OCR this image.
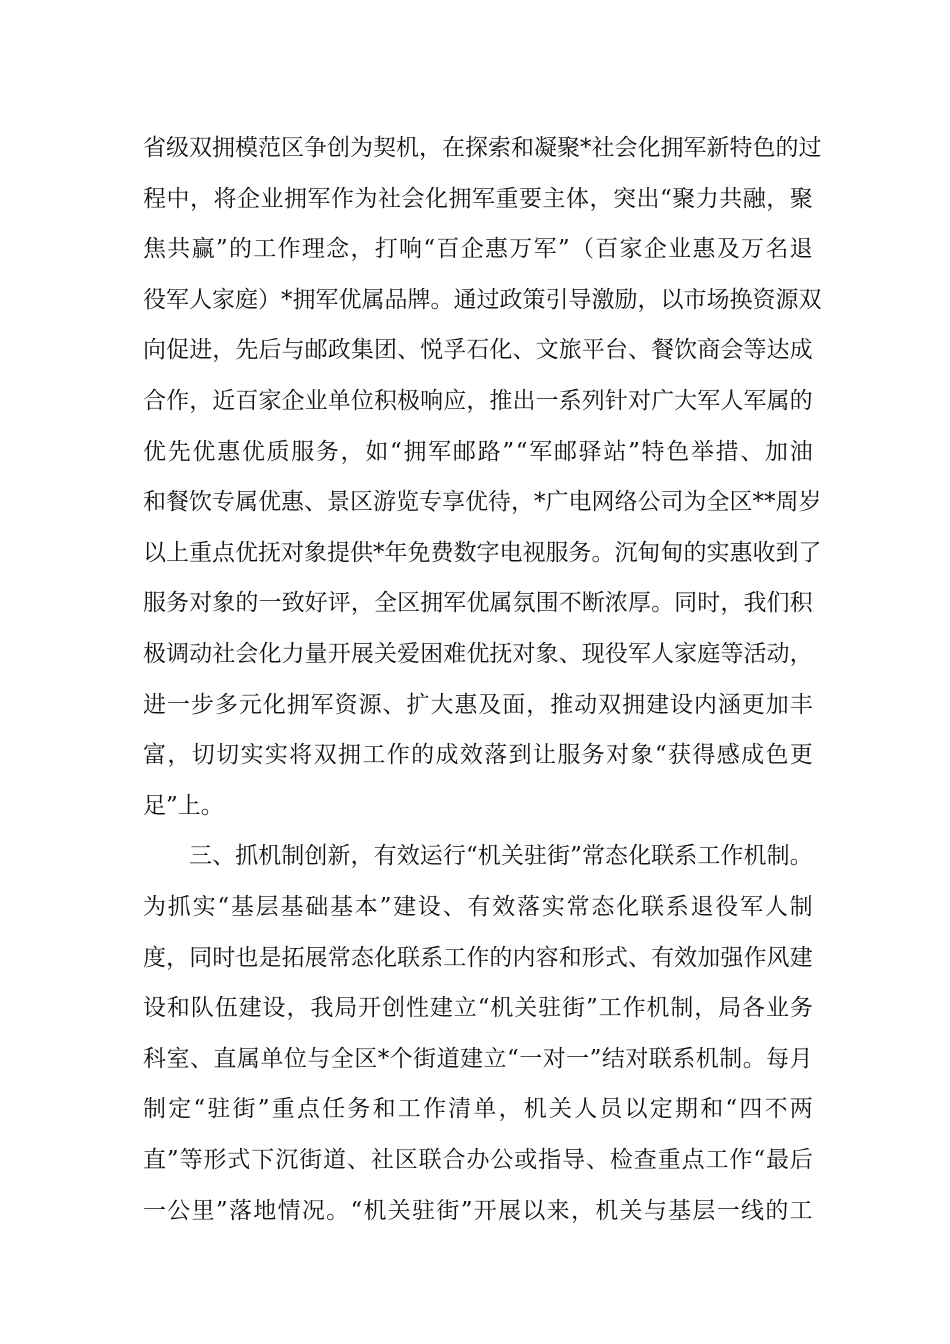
省 级 双 拥 模 范 区 争 创 为 契 机 ， 在 探 索 和 凝 聚 * 社 会 化 拥 军 新 特 色 的 过
程 中 ， 将 企 业 拥 军 作 为 社 会 化 拥 军 重 要 主 体 ， 突 出 “ 聚 力 共 融 ， 聚
焦 共 赢 ” 的 工 作 理 念 ， 打 响 “ 百 企 惠 万 军 ” （ 百 家 企 业 惠 及 万 名 退
役 军 人 家 庭 ） * 拥 军 优 属 品 牌 。 通 过 政 策 引 导 激 励 ， 以 市 场 换 资 源 双
向 促 进 ， 先 后 与 邮 政 集 团 、 悦 孚 石 化 、 文 旅 平 台 、 餐 饮 商 会 等 达 成
合 作 ， 近 百 家 企 业 单 位 积 极 响 应 ， 推 出 一 系 列 针 对 广 大 军 人 军 属 的
优 先 优 惠 优 质 服 务 ， 如 “ 拥 军 邮 路 ” “ 军 邮 驿 站 ” 特 色 举 措 、 加 油
和 餐 饮 专 属 优 惠 、 景 区 游 览 专 享 优 待 ， * 广 电 网 络 公 司 为 全 区 * * 周 岁
以 上 重 点 优 抚 对 象 提 供 * 年 免 费 数 字 电 视 服 务 。 沉 甸 甸 的 实 惠 收 到 了
服 务 对 象 的 一 致 好 评 ， 全 区 拥 军 优 属 氛 围 不 断 浓 厚 。 同 时 ， 我 们 积
极 调 动 社 会 化 力 量 开 展 关 爱 困 难 优 抚 对 象 、 现 役 军 人 家 庭 等 活 动 ，
进 一 步 多 元 化 拥 军 资 源 、 扩 大 惠 及 面 ， 推 动 双 拥 建 设 内 涵 更 加 丰
富 ， 切 切 实 实 将 双 拥 工 作 的 成 效 落 到 让 服 务 对 象 “ 获 得 感 成 色 更
足”上。
三 、 抓 机 制 创 新 ， 有 效 运 行 “ 机 关 驻 街 ” 常 态 化 联 系 工 作 机 制 。
为 抓 实 “ 基 层 基 础 基 本 ” 建 设 、 有 效 落 实 常 态 化 联 系 退 役 军 人 制
度 ， 同 时 也 是 拓 展 常 态 化 联 系 工 作 的 内 容 和 形 式 、 有 效 加 强 作 风 建
设 和 队 伍 建 设 ， 我 局 开 创 性 建 立 “ 机 关 驻 街 ” 工 作 机 制 ， 局 各 业 务
科 室 、 直 属 单 位 与 全 区 * 个 街 道 建 立 “ 一 对 一 ” 结 对 联 系 机 制 。 每 月
制 定 “ 驻 街 ” 重 点 任 务 和 工 作 清 单 ， 机 关 人 员 以 定 期 和 “ 四 不 两
直 ” 等 形 式 下 沉 街 道 、 社 区 联 合 办 公 或 指 导 、 检 查 重 点 工 作 “ 最 后
一 公 里 ” 落 地 情 况 。 “ 机 关 驻 街 ” 开 展 以 来 ， 机 关 与 基 层 一 线 的 工
